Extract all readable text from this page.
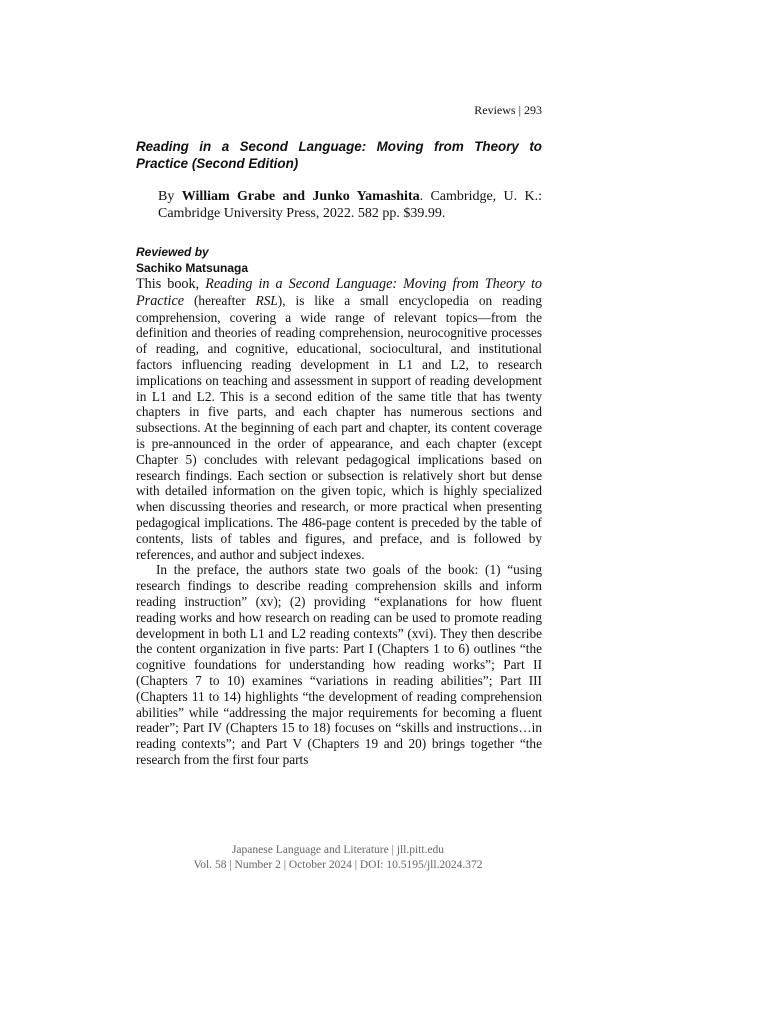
Reviews | 293
Reading in a Second Language: Moving from Theory to Practice (Second Edition)
By William Grabe and Junko Yamashita. Cambridge, U. K.: Cambridge University Press, 2022. 582 pp. $39.99.
Reviewed by
Sachiko Matsunaga

This book, Reading in a Second Language: Moving from Theory to Practice (hereafter RSL), is like a small encyclopedia on reading comprehension, covering a wide range of relevant topics—from the definition and theories of reading comprehension, neurocognitive processes of reading, and cognitive, educational, sociocultural, and institutional factors influencing reading development in L1 and L2, to research implications on teaching and assessment in support of reading development in L1 and L2. This is a second edition of the same title that has twenty chapters in five parts, and each chapter has numerous sections and subsections. At the beginning of each part and chapter, its content coverage is pre-announced in the order of appearance, and each chapter (except Chapter 5) concludes with relevant pedagogical implications based on research findings. Each section or subsection is relatively short but dense with detailed information on the given topic, which is highly specialized when discussing theories and research, or more practical when presenting pedagogical implications. The 486-page content is preceded by the table of contents, lists of tables and figures, and preface, and is followed by references, and author and subject indexes.

In the preface, the authors state two goals of the book: (1) “using research findings to describe reading comprehension skills and inform reading instruction” (xv); (2) providing “explanations for how fluent reading works and how research on reading can be used to promote reading development in both L1 and L2 reading contexts” (xvi). They then describe the content organization in five parts: Part I (Chapters 1 to 6) outlines “the cognitive foundations for understanding how reading works”; Part II (Chapters 7 to 10) examines “variations in reading abilities”; Part III (Chapters 11 to 14) highlights “the development of reading comprehension abilities” while “addressing the major requirements for becoming a fluent reader”; Part IV (Chapters 15 to 18) focuses on “skills and instructions…in reading contexts”; and Part V (Chapters 19 and 20) brings together “the research from the first four parts

Japanese Language and Literature | jll.pitt.edu
Vol. 58 | Number 2 | October 2024 | DOI: 10.5195/jll.2024.372
